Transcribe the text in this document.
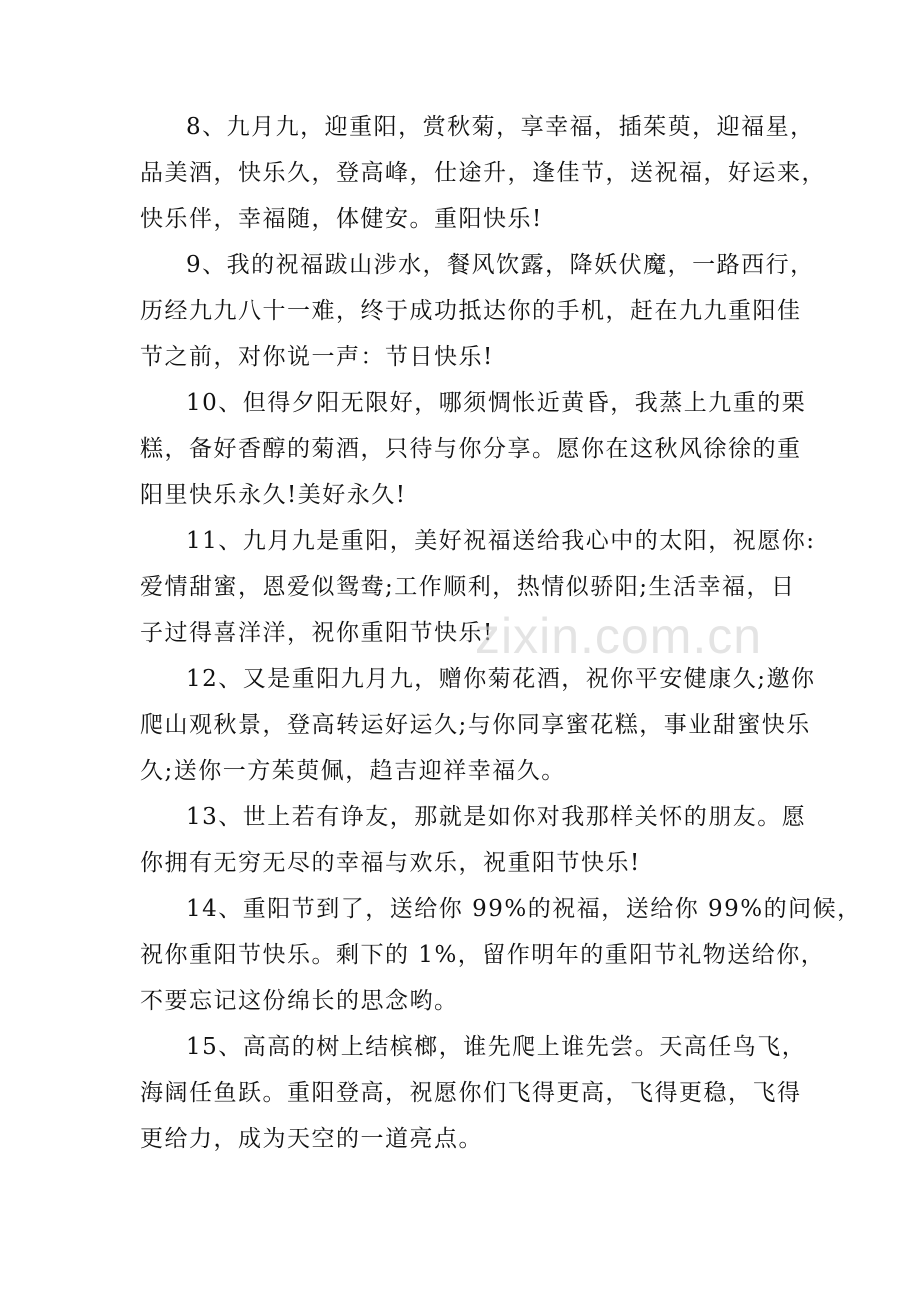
8、九月九，迎重阳，赏秋菊，享幸福，插茱萸，迎福星，
品美酒，快乐久，登高峰，仕途升，逢佳节，送祝福，好运来，
快乐伴，幸福随，体健安。重阳快乐!

9、我的祝福跋山涉水，餐风饮露，降妖伏魔，一路西行，
历经九九八十一难，终于成功抵达你的手机，赶在九九重阳佳
节之前，对你说一声：节日快乐!

10、但得夕阳无限好，哪须惆怅近黄昏，我蒸上九重的栗
糕，备好香醇的菊酒，只待与你分享。愿你在这秋风徐徐的重
阳里快乐永久!美好永久!

11、九月九是重阳，美好祝福送给我心中的太阳，祝愿你:
爱情甜蜜，恩爱似鸳鸯;工作顺利，热情似骄阳;生活幸福，日
子过得喜洋洋，祝你重阳节快乐!

12、又是重阳九月九，赠你菊花酒，祝你平安健康久;邀你
爬山观秋景，登高转运好运久;与你同享蜜花糕，事业甜蜜快乐
久;送你一方茱萸佩，趋吉迎祥幸福久。

13、世上若有诤友，那就是如你对我那样关怀的朋友。愿
你拥有无穷无尽的幸福与欢乐，祝重阳节快乐!

14、重阳节到了，送给你 99%的祝福，送给你 99%的问候，
祝你重阳节快乐。剩下的 1%，留作明年的重阳节礼物送给你，
不要忘记这份绵长的思念哟。

15、高高的树上结槟榔，谁先爬上谁先尝。天高任鸟飞，
海阔任鱼跃。重阳登高，祝愿你们飞得更高，飞得更稳，飞得
更给力，成为天空的一道亮点。

zixin.com.cn
